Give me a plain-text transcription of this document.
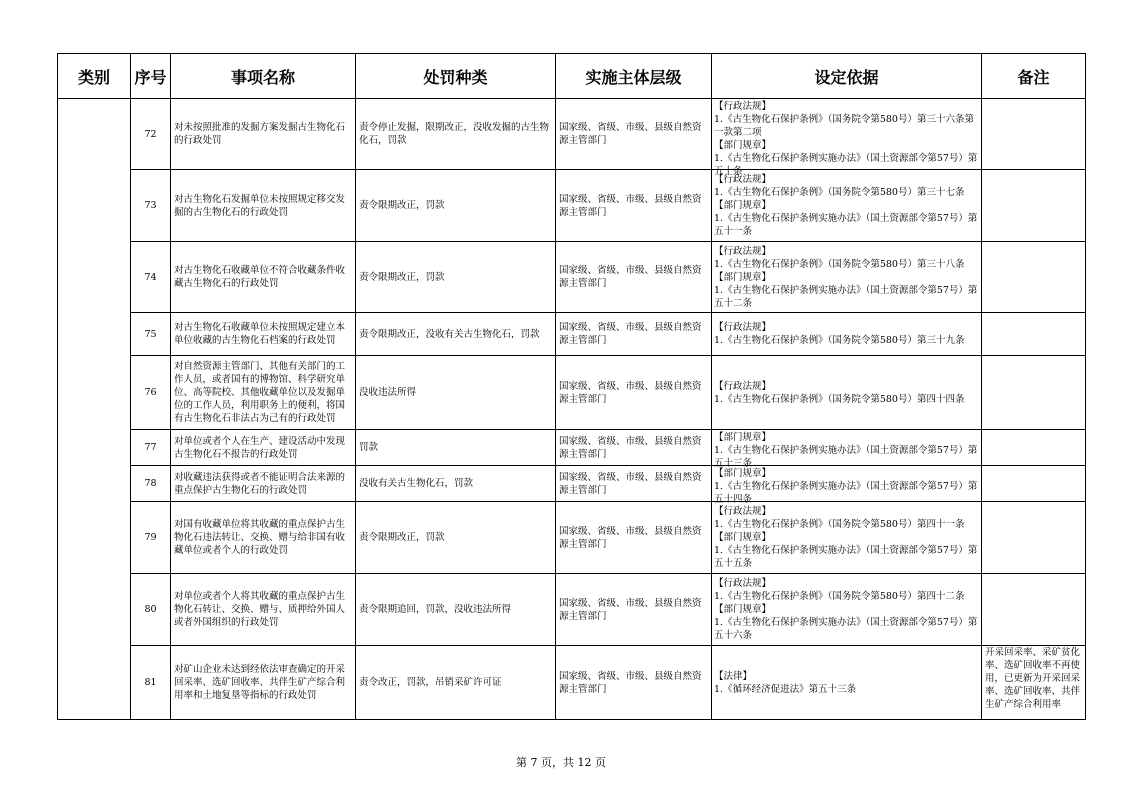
类别	序号	事项名称	处罚种类	实施主体层级	设定依据	备注

	72	对未按照批准的发掘方案发掘古生物化石的行政处罚	责令停止发掘，限期改正，没收发掘的古生物化石，罚款	国家级、省级、市级、县级自然资源主管部门	【行政法规】
1.《古生物化石保护条例》（国务院令第580号）第三十六条第一款第二项
【部门规章】
1.《古生物化石保护条例实施办法》（国土资源部令第57号）第五十条	

	73	对古生物化石发掘单位未按照规定移交发掘的古生物化石的行政处罚	责令限期改正，罚款	国家级、省级、市级、县级自然资源主管部门	【行政法规】
1.《古生物化石保护条例》（国务院令第580号）第三十七条
【部门规章】
1.《古生物化石保护条例实施办法》（国土资源部令第57号）第五十一条	

	74	对古生物化石收藏单位不符合收藏条件收藏古生物化石的行政处罚	责令限期改正，罚款	国家级、省级、市级、县级自然资源主管部门	【行政法规】
1.《古生物化石保护条例》（国务院令第580号）第三十八条
【部门规章】
1.《古生物化石保护条例实施办法》（国土资源部令第57号）第五十二条	

	75	对古生物化石收藏单位未按照规定建立本单位收藏的古生物化石档案的行政处罚	责令限期改正，没收有关古生物化石，罚款	国家级、省级、市级、县级自然资源主管部门	【行政法规】
1.《古生物化石保护条例》（国务院令第580号）第三十九条	

	76	对自然资源主管部门、其他有关部门的工作人员，或者国有的博物馆、科学研究单位、高等院校、其他收藏单位以及发掘单位的工作人员，利用职务上的便利，将国有古生物化石非法占为己有的行政处罚	没收违法所得	国家级、省级、市级、县级自然资源主管部门	【行政法规】
1.《古生物化石保护条例》（国务院令第580号）第四十四条	

	77	对单位或者个人在生产、建设活动中发现古生物化石不报告的行政处罚	罚款	国家级、省级、市级、县级自然资源主管部门	【部门规章】
1.《古生物化石保护条例实施办法》（国土资源部令第57号）第五十三条	

	78	对收藏违法获得或者不能证明合法来源的重点保护古生物化石的行政处罚	没收有关古生物化石，罚款	国家级、省级、市级、县级自然资源主管部门	【部门规章】
1.《古生物化石保护条例实施办法》（国土资源部令第57号）第五十四条	

	79	对国有收藏单位将其收藏的重点保护古生物化石违法转让、交换、赠与给非国有收藏单位或者个人的行政处罚	责令限期改正，罚款	国家级、省级、市级、县级自然资源主管部门	【行政法规】
1.《古生物化石保护条例》（国务院令第580号）第四十一条
【部门规章】
1.《古生物化石保护条例实施办法》（国土资源部令第57号）第五十五条	

	80	对单位或者个人将其收藏的重点保护古生物化石转让、交换、赠与、质押给外国人或者外国组织的行政处罚	责令限期追回，罚款，没收违法所得	国家级、省级、市级、县级自然资源主管部门	【行政法规】
1.《古生物化石保护条例》（国务院令第580号）第四十二条
【部门规章】
1.《古生物化石保护条例实施办法》（国土资源部令第57号）第五十六条	

	81	对矿山企业未达到经依法审查确定的开采回采率、选矿回收率、共伴生矿产综合利用率和土地复垦等指标的行政处罚	责令改正，罚款，吊销采矿许可证	国家级、省级、市级、县级自然资源主管部门	【法律】
1.《循环经济促进法》第五十三条	开采回采率、采矿贫化率、选矿回收率不再使用，已更新为开采回采率、选矿回收率、共伴生矿产综合利用率
第 7 页，共 12 页
